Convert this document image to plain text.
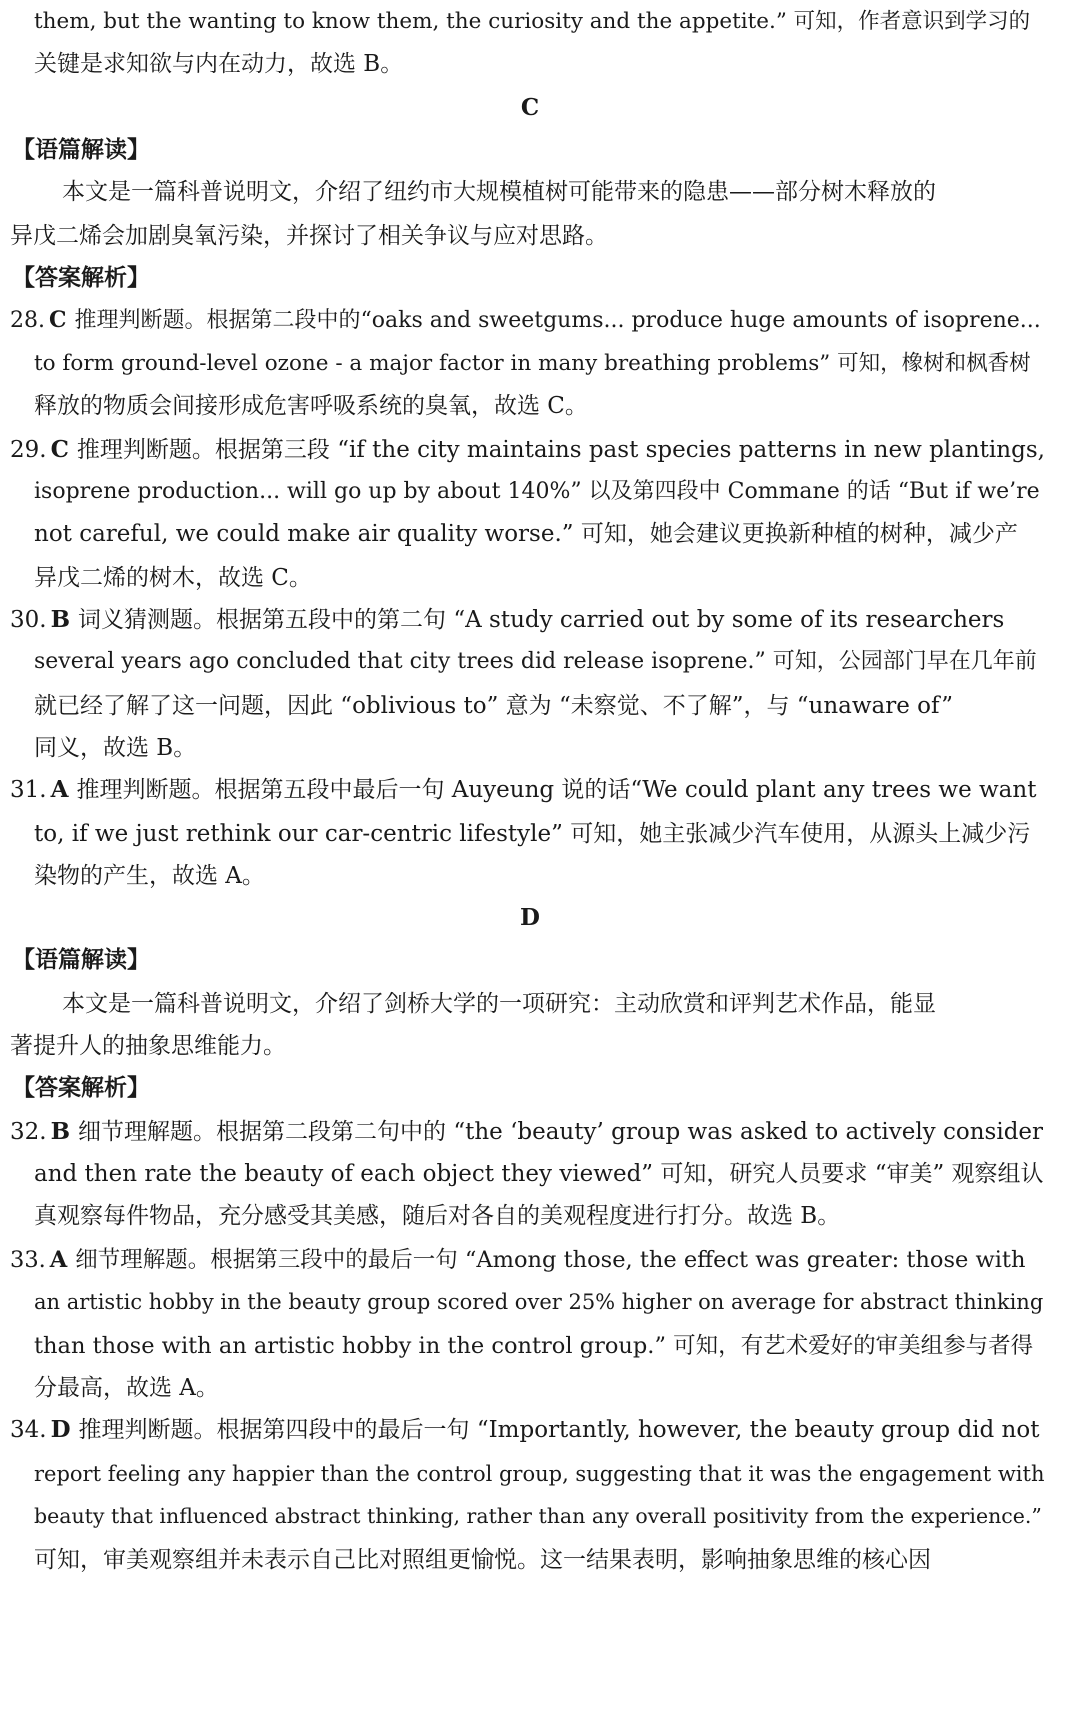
them, but the wanting to know them, the curiosity and the appetite.” 可知，作者意识到学习的
关键是求知欲与内在动力，故选 B。
C
【语篇解读】
本文是一篇科普说明文，介绍了纽约市大规模植树可能带来的隐患——部分树木释放的
异戊二烯会加剧臭氧污染，并探讨了相关争议与应对思路。
【答案解析】
28. C 推理判断题。根据第二段中的“oaks and sweetgums... produce huge amounts of isoprene...
to form ground-level ozone - a major factor in many breathing problems” 可知，橡树和枫香树
释放的物质会间接形成危害呼吸系统的臭氧，故选 C。
29. C 推理判断题。根据第三段 “if the city maintains past species patterns in new plantings,
isoprene production... will go up by about 140%” 以及第四段中 Commane 的话 “But if we’re
not careful, we could make air quality worse.” 可知，她会建议更换新种植的树种，减少产
异戊二烯的树木，故选 C。
30. B 词义猜测题。根据第五段中的第二句 “A study carried out by some of its researchers
several years ago concluded that city trees did release isoprene.” 可知，公园部门早在几年前
就已经了解了这一问题，因此 “oblivious to” 意为 “未察觉、不了解”，与 “unaware of”
同义，故选 B。
31. A 推理判断题。根据第五段中最后一句 Auyeung 说的话“We could plant any trees we want
to, if we just rethink our car-centric lifestyle” 可知，她主张减少汽车使用，从源头上减少污
染物的产生，故选 A。
D
【语篇解读】
本文是一篇科普说明文，介绍了剑桥大学的一项研究：主动欣赏和评判艺术作品，能显
著提升人的抽象思维能力。
【答案解析】
32. B 细节理解题。根据第二段第二句中的 “the ‘beauty’ group was asked to actively consider
and then rate the beauty of each object they viewed” 可知，研究人员要求 “审美” 观察组认
真观察每件物品，充分感受其美感，随后对各自的美观程度进行打分。故选 B。
33. A 细节理解题。根据第三段中的最后一句 “Among those, the effect was greater: those with
an artistic hobby in the beauty group scored over 25% higher on average for abstract thinking
than those with an artistic hobby in the control group.” 可知，有艺术爱好的审美组参与者得
分最高，故选 A。
34. D 推理判断题。根据第四段中的最后一句 “Importantly, however, the beauty group did not
report feeling any happier than the control group, suggesting that it was the engagement with
beauty that influenced abstract thinking, rather than any overall positivity from the experience.”
可知，审美观察组并未表示自己比对照组更愉悦。这一结果表明，影响抽象思维的核心因
